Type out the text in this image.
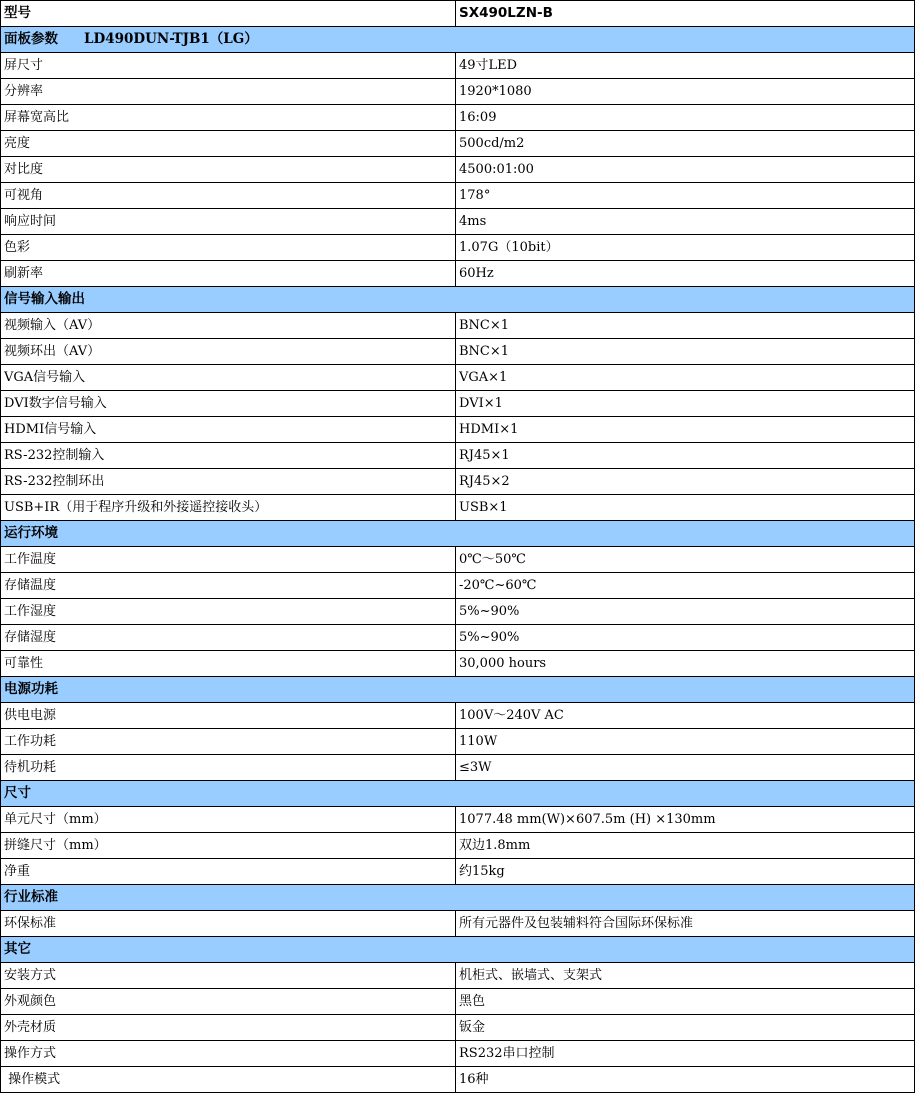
型号	SX490LZN-B
面板参数 LD490DUN-TJB1（LG）	
屏尺寸	49寸LED
分辨率	1920*1080
屏幕宽高比	16:09
亮度	500cd/m2
对比度	4500:01:00
可视角	178°
响应时间	4ms
色彩	1.07G（10bit）
刷新率	60Hz
信号输入输出	
视频输入（AV）	BNC×1
视频环出（AV）	BNC×1
VGA信号输入	VGA×1
DVI数字信号输入	DVI×1
HDMI信号输入	HDMI×1
RS-232控制输入	RJ45×1
RS-232控制环出	RJ45×2
USB+IR（用于程序升级和外接遥控接收头）	USB×1
运行环境	
工作温度	0℃～50℃
存储温度	-20℃~60℃
工作湿度	5%~90%
存储湿度	5%~90%
可靠性	30,000 hours
电源功耗	
供电电源	100V～240V AC
工作功耗	110W
待机功耗	≤3W
尺寸	
单元尺寸（mm）	1077.48 mm(W)×607.5m (H) ×130mm
拼缝尺寸（mm）	双边1.8mm
净重	约15kg
行业标准	
环保标准	所有元器件及包装辅料符合国际环保标准
其它	
安装方式	机柜式、嵌墙式、支架式
外观颜色	黑色
外壳材质	钣金
操作方式	RS232串口控制
操作模式	16种
